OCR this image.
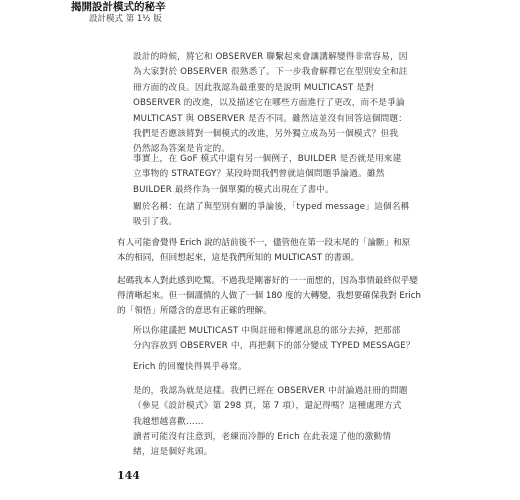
揭開設計模式的秘辛
設計模式 第 1½ 版
設計的時候，將它和 OBSERVER 聯繫起來會讓講解變得非常容易，因
為大家對於 OBSERVER 很熟悉了。下一步我會解釋它在型別安全和註
冊方面的改良。因此我認為最重要的是說明 MULTICAST 是對
OBSERVER 的改進，以及描述它在哪些方面進行了更改，而不是爭論
MULTICAST 與 OBSERVER 是否不同。雖然這並沒有回答這個問題：
我們是否應該將對一個模式的改進，另外獨立成為另一個模式？但我
仍然認為答案是肯定的。
事實上，在 GoF 模式中還有另一個例子，BUILDER 是否就是用來建
立事物的 STRATEGY？某段時間我們曾就這個問題爭論過。雖然
BUILDER 最終作為一個單獨的模式出現在了書中。
關於名稱：在諸了與型別有關的爭論後，「typed message」這個名稱
吸引了我。
有人可能會覺得 Erich 說的話前後不一，儘管他在第一段末尾的「論斷」和原
本的相同，但回想起來，這是我們所知的 MULTICAST 的書頭。
起碼我本人對此感到吃驚。不過我是剛審好的一一面想的，因為事情最終似乎變
得清晰起來。但一個謹慎的人做了一個 180 度的大轉變，我想要確保我對 Erich
的「領悟」所隱含的意思有正確的理解。
所以你建議把 MULTICAST 中與註冊和傳遞訊息的部分去掉，把那部
分內容放到 OBSERVER 中，再把剩下的部分變成 TYPED MESSAGE？
Erich 的回覆快得異乎尋常。
是的，我認為就是這樣。我們已經在 OBSERVER 中討論過註冊的問題
（參見《設計模式》第 298 頁，第 7 項），還記得嗎？這種處理方式
我越想越喜歡……
讀者可能沒有注意到，老練而冷靜的 Erich 在此表達了他的激動情
緒，這是個好兆頭。
144
